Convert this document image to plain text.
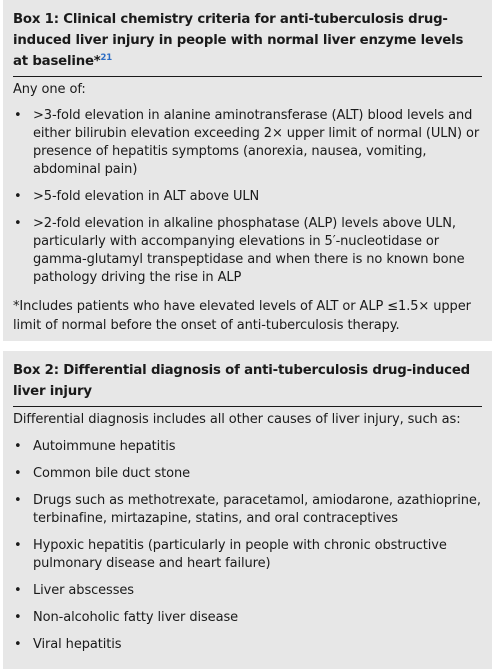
Box 1: Clinical chemistry criteria for anti-tuberculosis drug-induced liver injury in people with normal liver enzyme levels at baseline*$^{21}$
Any one of:
• >3-fold elevation in alanine aminotransferase (ALT) blood levels and either bilirubin elevation exceeding 2× upper limit of normal (ULN) or presence of hepatitis symptoms (anorexia, nausea, vomiting, abdominal pain)
• >5-fold elevation in ALT above ULN
• >2-fold elevation in alkaline phosphatase (ALP) levels above ULN, particularly with accompanying elevations in 5′-nucleotidase or gamma-glutamyl transpeptidase and when there is no known bone pathology driving the rise in ALP
*Includes patients who have elevated levels of ALT or ALP ≤1.5× upper limit of normal before the onset of anti-tuberculosis therapy.
Box 2: Differential diagnosis of anti-tuberculosis drug-induced liver injury
Differential diagnosis includes all other causes of liver injury, such as:
• Autoimmune hepatitis
• Common bile duct stone
• Drugs such as methotrexate, paracetamol, amiodarone, azathioprine, terbinafine, mirtazapine, statins, and oral contraceptives
• Hypoxic hepatitis (particularly in people with chronic obstructive pulmonary disease and heart failure)
• Liver abscesses
• Non-alcoholic fatty liver disease
• Viral hepatitis
